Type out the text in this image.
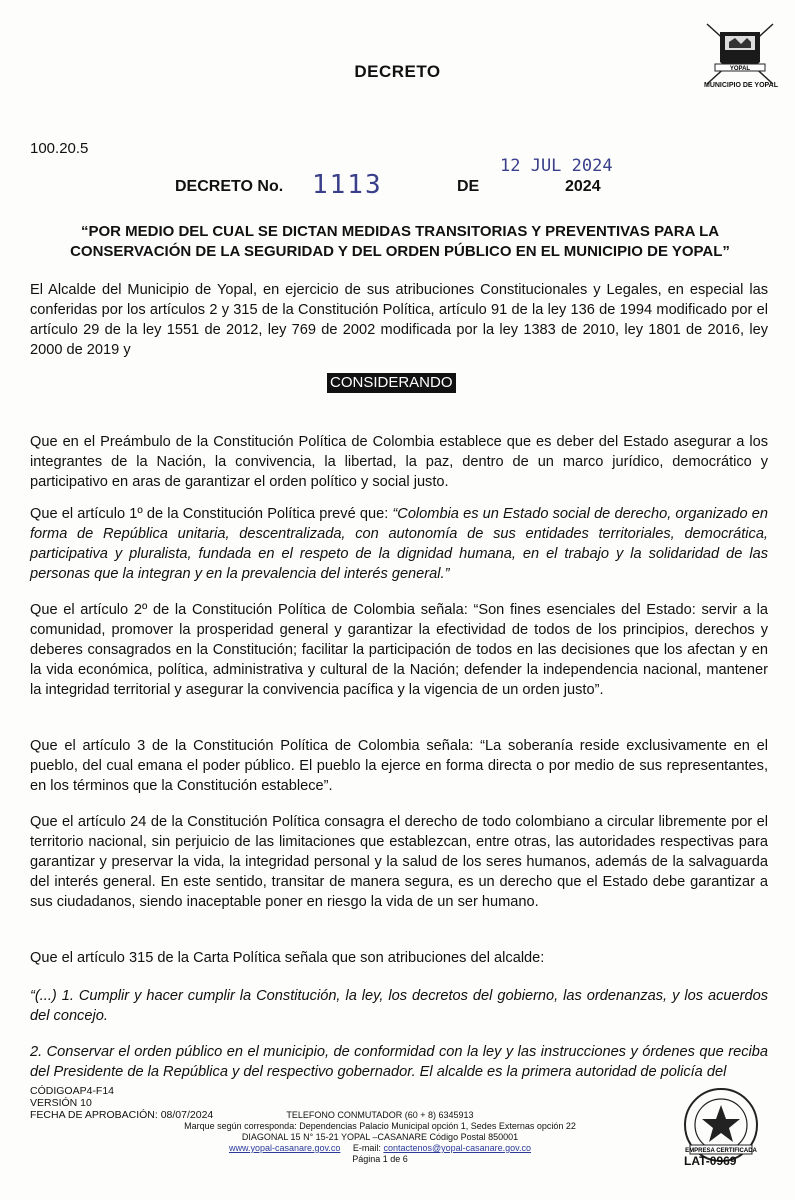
YOPAL
MUNICIPIO DE YOPAL
DECRETO
100.20.5
DECRETO No. 1113
12 JUL 2024
DE	2024
“POR MEDIO DEL CUAL SE DICTAN MEDIDAS TRANSITORIAS Y PREVENTIVAS PARA LA
CONSERVACIÓN DE LA SEGURIDAD Y DEL ORDEN PÚBLICO EN EL MUNICIPIO DE YOPAL”
El Alcalde del Municipio de Yopal, en ejercicio de sus atribuciones Constitucionales y Legales, en especial las conferidas por los artículos 2 y 315 de la Constitución Política, artículo 91 de la ley 136 de 1994 modificado por el artículo 29 de la ley 1551 de 2012, ley 769 de 2002 modificada por la ley 1383 de 2010, ley 1801 de 2016, ley 2000 de 2019 y
CONSIDERANDO
Que en el Preámbulo de la Constitución Política de Colombia establece que es deber del Estado asegurar a los integrantes de la Nación, la convivencia, la libertad, la paz, dentro de un marco jurídico, democrático y participativo en aras de garantizar el orden político y social justo.
Que el artículo 1º de la Constitución Política prevé que: “Colombia es un Estado social de derecho, organizado en forma de República unitaria, descentralizada, con autonomía de sus entidades territoriales, democrática, participativa y pluralista, fundada en el respeto de la dignidad humana, en el trabajo y la solidaridad de las personas que la integran y en la prevalencia del interés general.”
Que el artículo 2º de la Constitución Política de Colombia señala: “Son fines esenciales del Estado: servir a la comunidad, promover la prosperidad general y garantizar la efectividad de todos de los principios, derechos y deberes consagrados en la Constitución; facilitar la participación de todos en las decisiones que los afectan y en la vida económica, política, administrativa y cultural de la Nación; defender la independencia nacional, mantener la integridad territorial y asegurar la convivencia pacífica y la vigencia de un orden justo”.
Que el artículo 3 de la Constitución Política de Colombia señala: “La soberanía reside exclusivamente en el pueblo, del cual emana el poder público. El pueblo la ejerce en forma directa o por medio de sus representantes, en los términos que la Constitución establece”.
Que el artículo 24 de la Constitución Política consagra el derecho de todo colombiano a circular libremente por el territorio nacional, sin perjuicio de las limitaciones que establezcan, entre otras, las autoridades respectivas para garantizar y preservar la vida, la integridad personal y la salud de los seres humanos, además de la salvaguarda del interés general. En este sentido, transitar de manera segura, es un derecho que el Estado debe garantizar a sus ciudadanos, siendo inaceptable poner en riesgo la vida de un ser humano.
Que el artículo 315 de la Carta Política señala que son atribuciones del alcalde:
“(...) 1. Cumplir y hacer cumplir la Constitución, la ley, los decretos del gobierno, las ordenanzas, y los acuerdos del concejo.
2. Conservar el orden público en el municipio, de conformidad con la ley y las instrucciones y órdenes que reciba del Presidente de la República y del respectivo gobernador. El alcalde es la primera autoridad de policía del
CÓDIGOAP4-F14
VERSIÓN 10
FECHA DE APROBACIÓN: 08/07/2024	TELEFONO CONMUTADOR (60 + 8) 6345913
Marque según corresponda: Dependencias Palacio Municipal opción 1, Sedes Externas opción 22
DIAGONAL 15 N° 15-21 YOPAL –CASANARE Código Postal 850001
www.yopal-casanare.gov.co E-mail: contactenos@yopal-casanare.gov.co
Página 1 de 6
EMPRESA CERTIFICADA
LAT-0969
